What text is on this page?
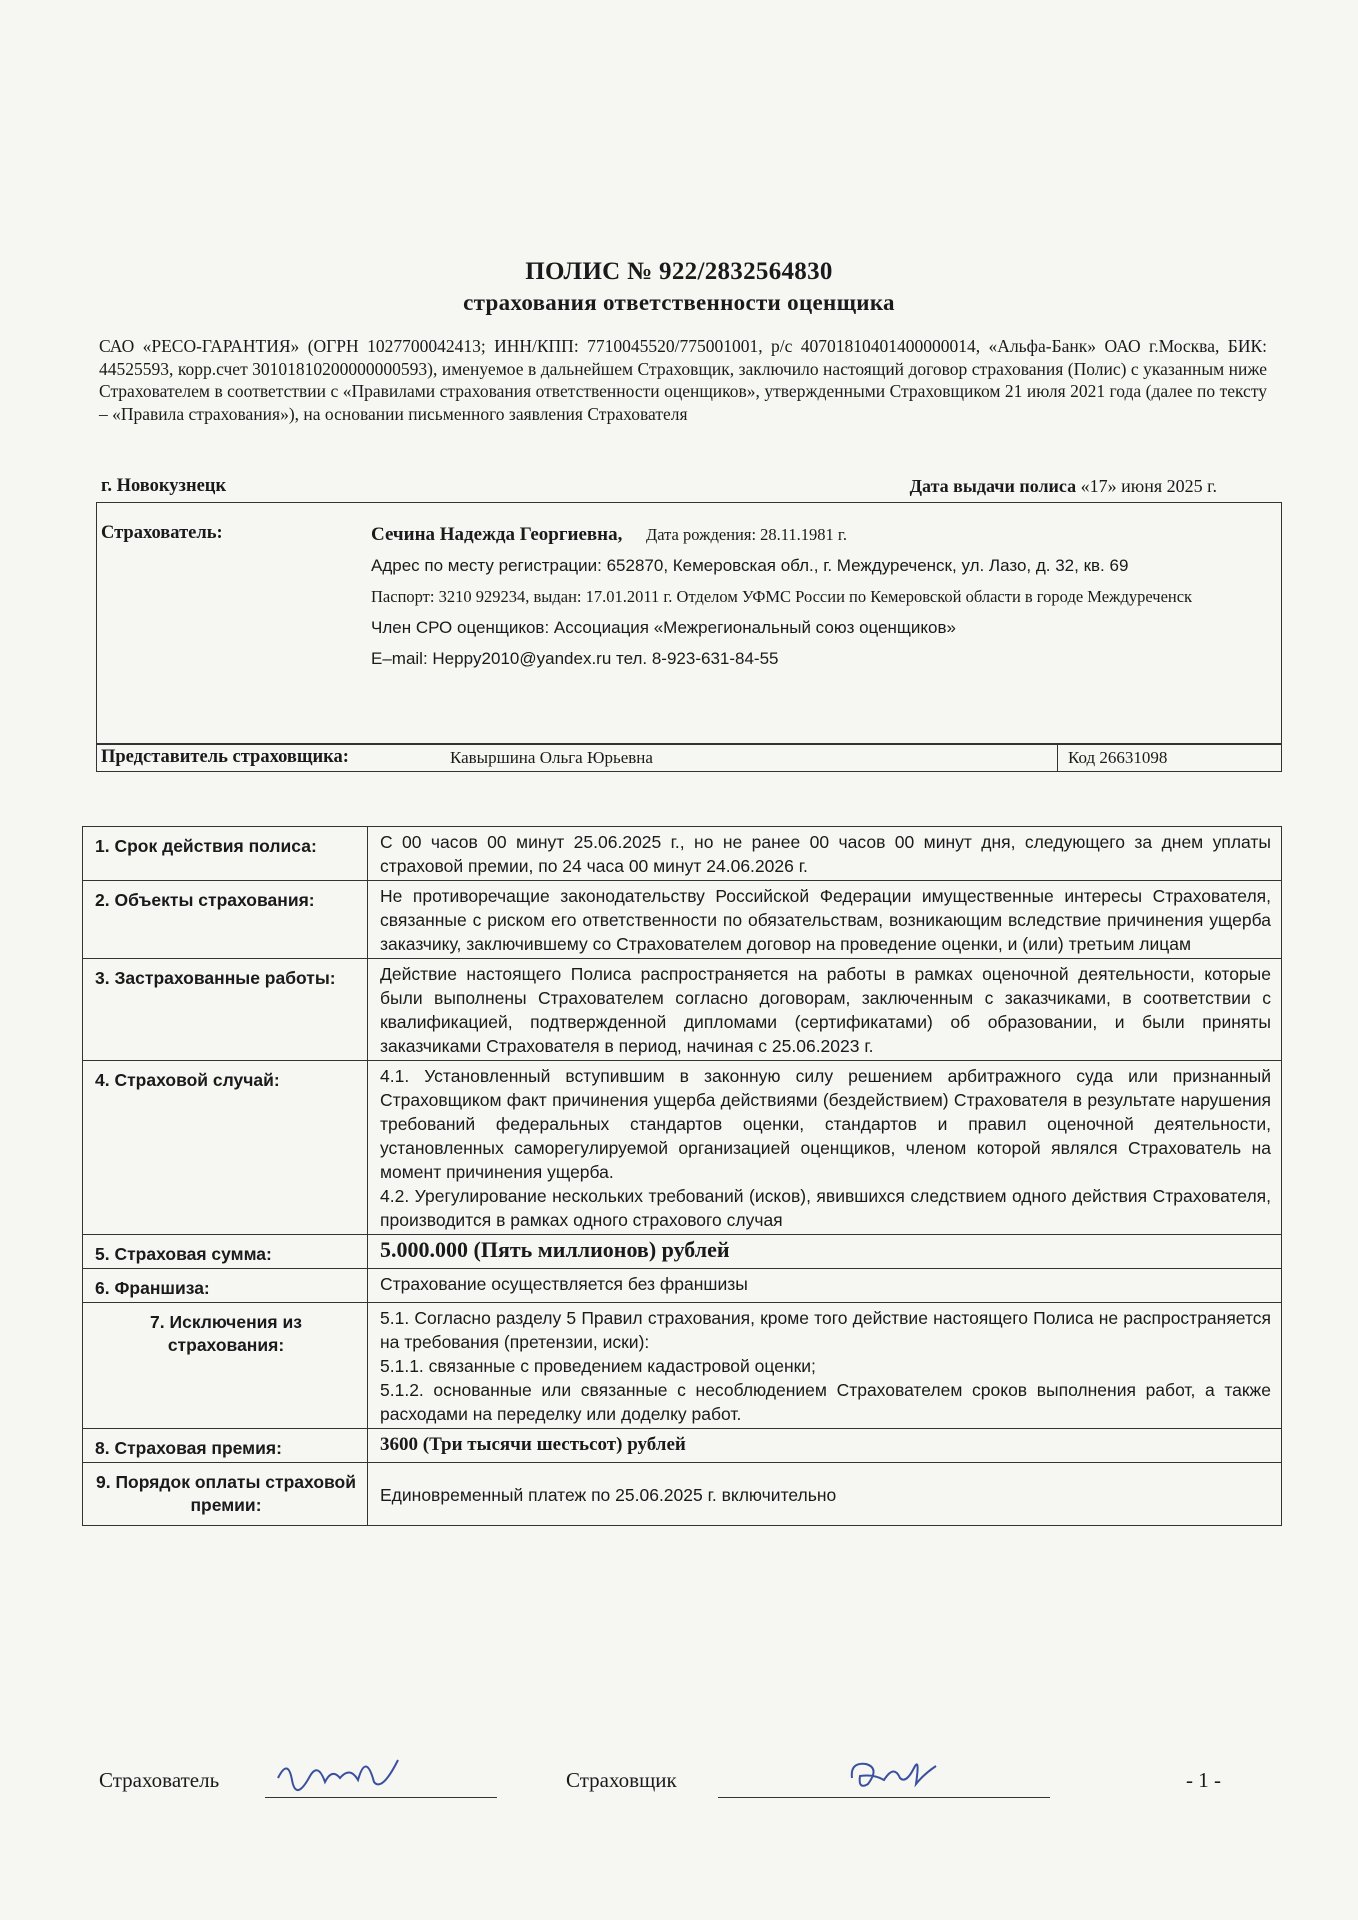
ПОЛИС № 922/2832564830
страхования ответственности оценщика
САО «РЕСО-ГАРАНТИЯ» (ОГРН 1027700042413; ИНН/КПП: 7710045520/775001001, р/с 40701810401400000014, «Альфа-Банк» ОАО г.Москва, БИК: 44525593, корр.счет 30101810200000000593), именуемое в дальнейшем Страховщик, заключило настоящий договор страхования (Полис) с указанным ниже Страхователем в соответствии с «Правилами страхования ответственности оценщиков», утвержденными Страховщиком 21 июля 2021 года (далее по тексту – «Правила страхования»), на основании письменного заявления Страхователя
г. Новокузнецк	Дата выдачи полиса «17» июня 2025 г.
Страхователь:	Сечина Надежда Георгиевна, Дата рождения: 28.11.1981 г.
Адрес по месту регистрации: 652870, Кемеровская обл., г. Междуреченск, ул. Лазо, д. 32, кв. 69
Паспорт: 3210 929234, выдан: 17.01.2011 г. Отделом УФМС России по Кемеровской области в городе Междуреченск
Член СРО оценщиков: Ассоциация «Межрегиональный союз оценщиков»
E–mail: Heppy2010@yandex.ru тел. 8-923-631-84-55
Представитель страховщика:	Кавыршина Ольга Юрьевна	Код 26631098
1. Срок действия полиса:	С 00 часов 00 минут 25.06.2025 г., но не ранее 00 часов 00 минут дня, следующего за днем уплаты страховой премии, по 24 часа 00 минут 24.06.2026 г.
2. Объекты страхования:	Не противоречащие законодательству Российской Федерации имущественные интересы Страхователя, связанные с риском его ответственности по обязательствам, возникающим вследствие причинения ущерба заказчику, заключившему со Страхователем договор на проведение оценки, и (или) третьим лицам
3. Застрахованные работы:	Действие настоящего Полиса распространяется на работы в рамках оценочной деятельности, которые были выполнены Страхователем согласно договорам, заключенным с заказчиками, в соответствии с квалификацией, подтвержденной дипломами (сертификатами) об образовании, и были приняты заказчиками Страхователя в период, начиная с 25.06.2023 г.
4. Страховой случай:	4.1. Установленный вступившим в законную силу решением арбитражного суда или признанный Страховщиком факт причинения ущерба действиями (бездействием) Страхователя в результате нарушения требований федеральных стандартов оценки, стандартов и правил оценочной деятельности, установленных саморегулируемой организацией оценщиков, членом которой являлся Страхователь на момент причинения ущерба.
4.2. Урегулирование нескольких требований (исков), явившихся следствием одного действия Страхователя, производится в рамках одного страхового случая

5. Страховая сумма:	5.000.000 (Пять миллионов) рублей
6. Франшиза:	Страхование осуществляется без франшизы
7. Исключения из страхования:	5.1. Согласно разделу 5 Правил страхования, кроме того действие настоящего Полиса не распространяется на требования (претензии, иски):
5.1.1. связанные с проведением кадастровой оценки;
5.1.2. основанные или связанные с несоблюдением Страхователем сроков выполнения работ, а также расходами на переделку или доделку работ.

8. Страховая премия:	3600 (Три тысячи шестьсот) рублей
9. Порядок оплаты страховой премии:	Единовременный платеж по 25.06.2025 г. включительно
Страхователь	Страховщик	- 1 -
